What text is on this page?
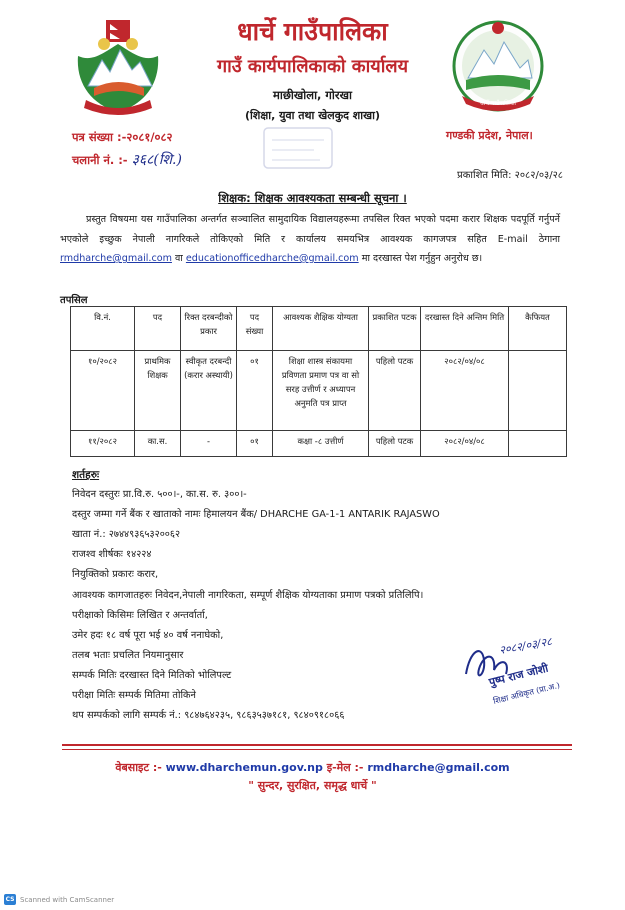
धार्चे गाउँपालिका
गाउँ कार्यपालिकाको कार्यालय
माछीखोला, गोरखा
(शिक्षा, युवा तथा खेलकुद शाखा)
धार्चे गाउँपालिका
पत्र संख्या :-२०८१/०८२
चलानी नं. :- ३६८(शि.)
गण्डकी प्रदेश, नेपाल।
प्रकाशित मिति: २०८२/०३/२८
शिक्षक: शिक्षक आवश्यकता सम्बन्धी सूचना ।
प्रस्तुत विषयमा यस गाउँपालिका अन्तर्गत सञ्चालित सामुदायिक विद्यालयहरूमा तपसिल रिक्त भएको पदमा करार शिक्षक पदपूर्ति गर्नुपर्ने भएकोले इच्छुक नेपाली नागरिकले तोकिएको मिति र कार्यालय समयभित्र आवश्यक कागजपत्र सहित E-mail ठेगाना rmdharche@gmail.com वा educationofficedharche@gmail.com मा दरखास्त पेश गर्नुहुन अनुरोध छ।
तपसिल
वि.नं.	पद	रिक्त दरबन्दीको प्रकार	पद संख्या	आवश्यक शैक्षिक योग्यता	प्रकाशित पटक	दरखास्त दिने अन्तिम मिति	कैफियत
१०/२०८२	प्राथमिक शिक्षक	स्वीकृत दरबन्दी (करार अस्थायी)	०१	शिक्षा शास्त्र संकायमा प्रविणता प्रमाण पत्र वा सो सरह उत्तीर्ण र अध्यापन अनुमति पत्र प्राप्त	पहिलो पटक	२०८२/०४/०८	
११/२०८२	का.स.	-	०१	कक्षा -८ उत्तीर्ण	पहिलो पटक	२०८२/०४/०८	
शर्तहरुः
निवेदन दस्तुरः प्रा.वि.रु. ५००।-, का.स. रु. ३००।-
दस्तुर जम्मा गर्ने बैंक र खाताको नामः हिमालयन बैंक/ DHARCHE GA-1-1 ANTARIK RAJASWO
खाता नं.: २७४४९३६५३२००६२
राजश्व शीर्षकः १४२२४
नियुक्तिको प्रकारः करार,
आवश्यक कागजातहरुः निवेदन,नेपाली नागरिकता, सम्पूर्ण शैक्षिक योग्यताका प्रमाण पत्रको प्रतिलिपि।
परीक्षाको किसिमः लिखित र अन्तर्वार्ता,
उमेर हदः १८ वर्ष पूरा भई ४० वर्ष ननाघेको,
तलब भताः प्रचलित नियमानुसार
सम्पर्क मितिः दरखास्त दिने मितिको भोलिपल्ट
परीक्षा मितिः सम्पर्क मितिमा तोकिने
थप सम्पर्कको लागि सम्पर्क नं.: ९८४७६४२३५, ९८६३५३७१८१, ९८४०९१८०६६
२०८२/०३/२८
पुष्प राज जोशी
शिक्षा अधिकृत (प्रा.अ.)
वेबसाइट :- www.dharchemun.gov.np इ-मेल :- rmdharche@gmail.com
" सुन्दर, सुरक्षित, समृद्ध धार्चे "
CS Scanned with CamScanner
